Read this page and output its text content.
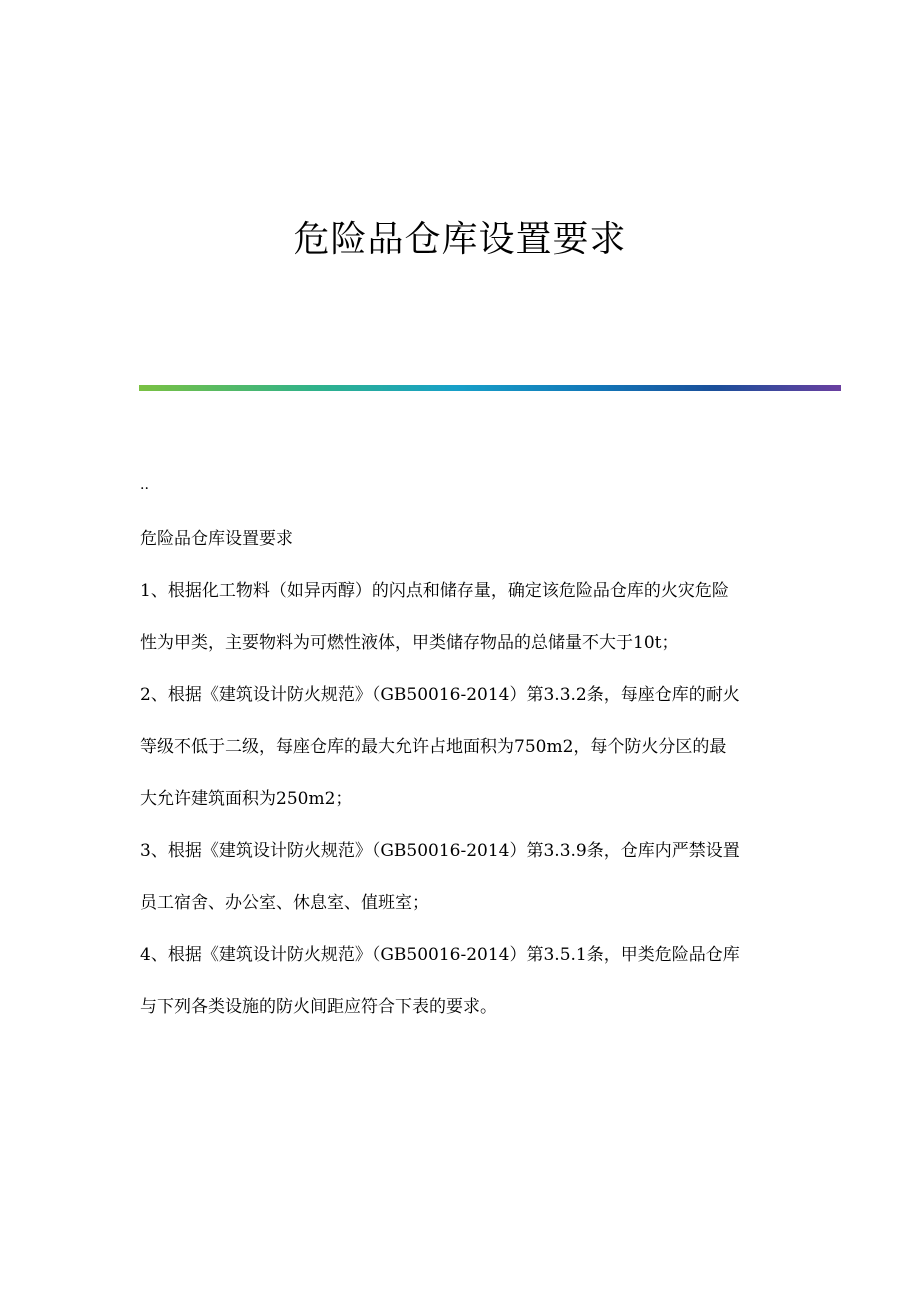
危险品仓库设置要求
..

危险品仓库设置要求

1、根据化工物料（如异丙醇）的闪点和储存量，确定该危险品仓库的火灾危险
性为甲类，主要物料为可燃性液体，甲类储存物品的总储量不大于10t；

2、根据《建筑设计防火规范》（GB50016-2014）第3.3.2条，每座仓库的耐火
等级不低于二级，每座仓库的最大允许占地面积为750m2，每个防火分区的最
大允许建筑面积为250m2；

3、根据《建筑设计防火规范》（GB50016-2014）第3.3.9条，仓库内严禁设置
员工宿舍、办公室、休息室、值班室；

4、根据《建筑设计防火规范》（GB50016-2014）第3.5.1条，甲类危险品仓库
与下列各类设施的防火间距应符合下表的要求。
